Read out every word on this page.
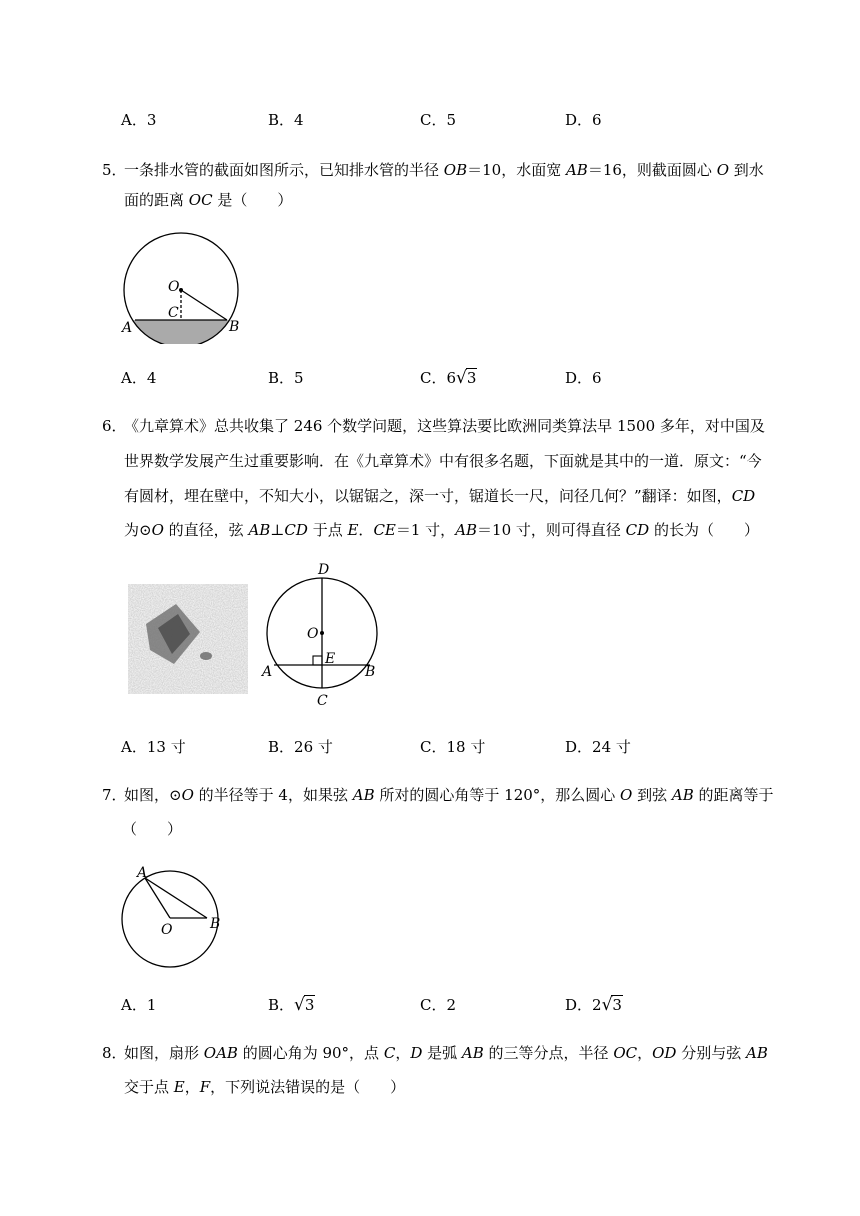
A．3	B．4	C．5	D．6
5．
一条排水管的截面如图所示，已知排水管的半径 OB＝10，水面宽 AB＝16，则截面圆心 O 到水
面的距离 OC 是（　　）
O
C
A	B
A．4	B．5	C．6√3	D．6
6．
《九章算术》总共收集了 246 个数学问题，这些算法要比欧洲同类算法早 1500 多年，对中国及
世界数学发展产生过重要影响．在《九章算术》中有很多名题，下面就是其中的一道．原文：“今
有圆材，埋在壁中，不知大小，以锯锯之，深一寸，锯道长一尺，问径几何？”翻译：如图，CD
为⊙O 的直径，弦 AB⊥CD 于点 E．CE＝1 寸，AB＝10 寸，则可得直径 CD 的长为（　　）
D
O
E
A	B
C
A．13 寸	B．26 寸	C．18 寸	D．24 寸
7．
如图，⊙O 的半径等于 4，如果弦 AB 所对的圆心角等于 120°，那么圆心 O 到弦 AB 的距离等于
（　　）
A
O	B
A．1	B．√3	C．2	D．2√3
8．
如图，扇形 OAB 的圆心角为 90°，点 C，D 是弧 AB 的三等分点，半径 OC，OD 分别与弦 AB
交于点 E，F，下列说法错误的是（　　）
